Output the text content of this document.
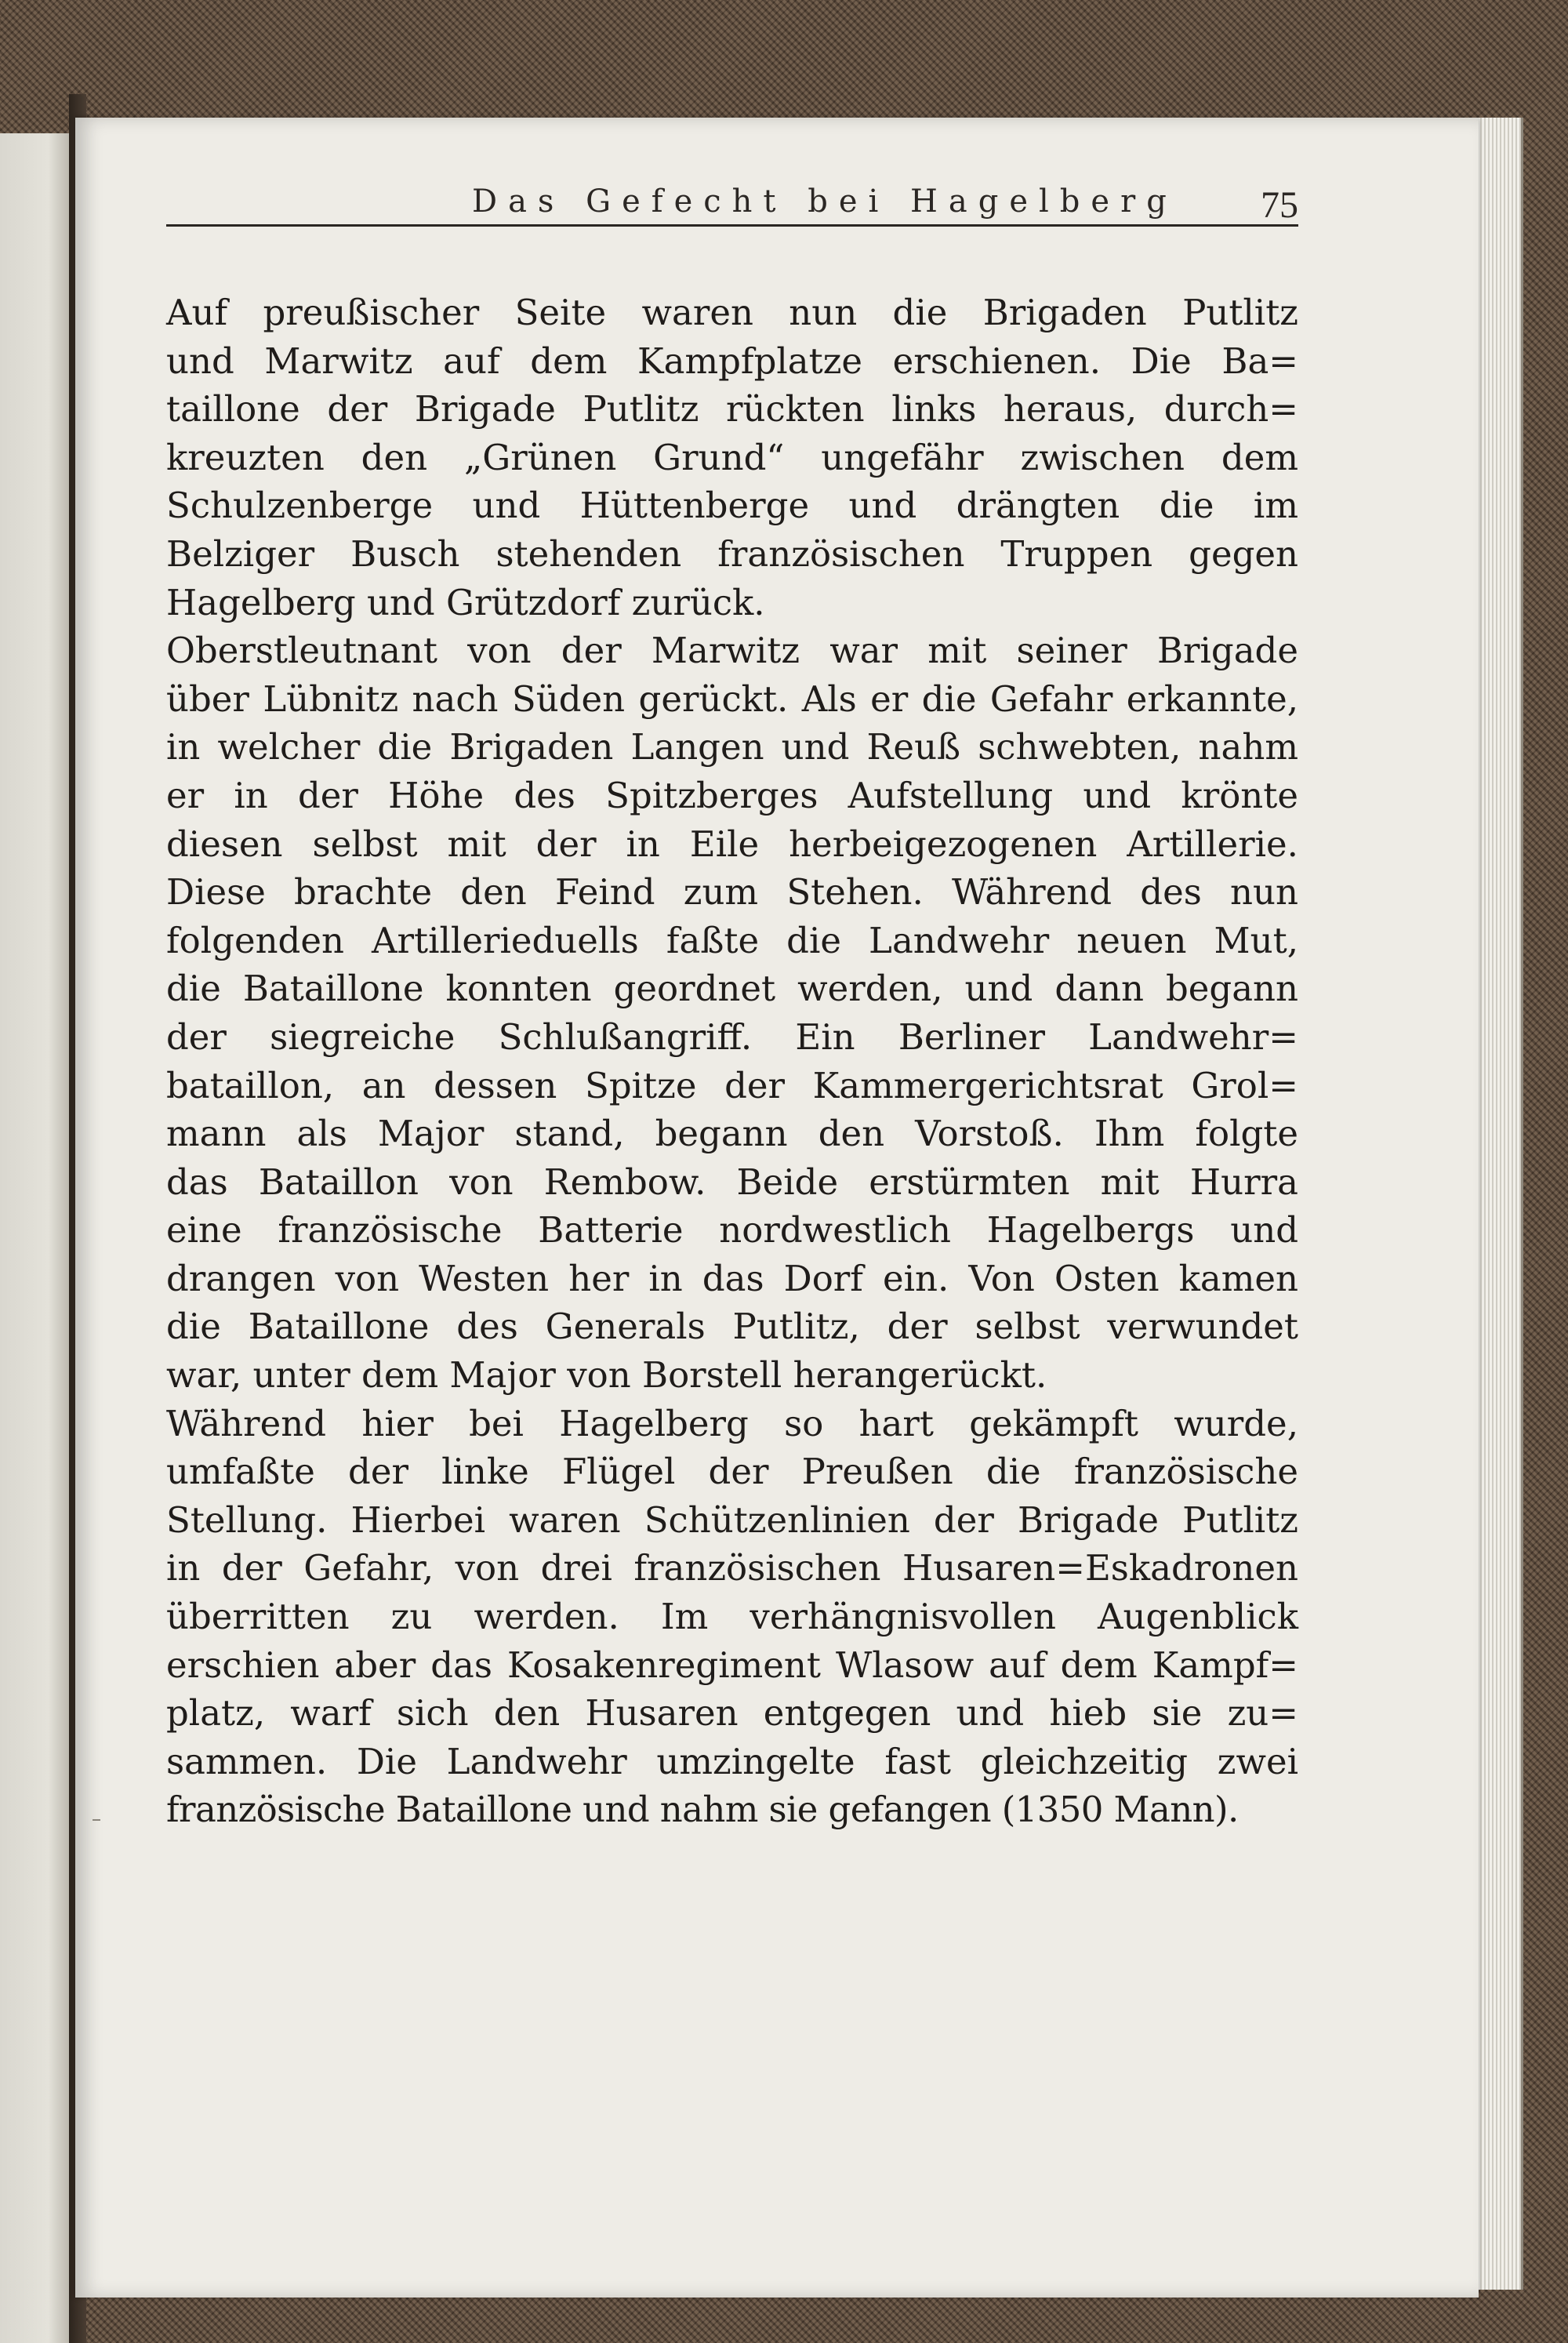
Das Gefecht bei Hagelberg 75
Auf preußischer Seite waren nun die Brigaden Putlitz
und Marwitz auf dem Kampfplatze erschienen. Die Ba=
taillone der Brigade Putlitz rückten links heraus, durch=
kreuzten den „Grünen Grund“ ungefähr zwischen dem
Schulzenberge und Hüttenberge und drängten die im
Belziger Busch stehenden französischen Truppen gegen
Hagelberg und Grützdorf zurück.
Oberstleutnant von der Marwitz war mit seiner Brigade
über Lübnitz nach Süden gerückt. Als er die Gefahr erkannte,
in welcher die Brigaden Langen und Reuß schwebten, nahm
er in der Höhe des Spitzberges Aufstellung und krönte
diesen selbst mit der in Eile herbeigezogenen Artillerie.
Diese brachte den Feind zum Stehen. Während des nun
folgenden Artillerieduells faßte die Landwehr neuen Mut,
die Bataillone konnten geordnet werden, und dann begann
der siegreiche Schlußangriff. Ein Berliner Landwehr=
bataillon, an dessen Spitze der Kammergerichtsrat Grol=
mann als Major stand, begann den Vorstoß. Ihm folgte
das Bataillon von Rembow. Beide erstürmten mit Hurra
eine französische Batterie nordwestlich Hagelbergs und
drangen von Westen her in das Dorf ein. Von Osten kamen
die Bataillone des Generals Putlitz, der selbst verwundet
war, unter dem Major von Borstell herangerückt.
Während hier bei Hagelberg so hart gekämpft wurde,
umfaßte der linke Flügel der Preußen die französische
Stellung. Hierbei waren Schützenlinien der Brigade Putlitz
in der Gefahr, von drei französischen Husaren=Eskadronen
überritten zu werden. Im verhängnisvollen Augenblick
erschien aber das Kosakenregiment Wlasow auf dem Kampf=
platz, warf sich den Husaren entgegen und hieb sie zu=
sammen. Die Landwehr umzingelte fast gleichzeitig zwei
französische Bataillone und nahm sie gefangen (1350 Mann).
